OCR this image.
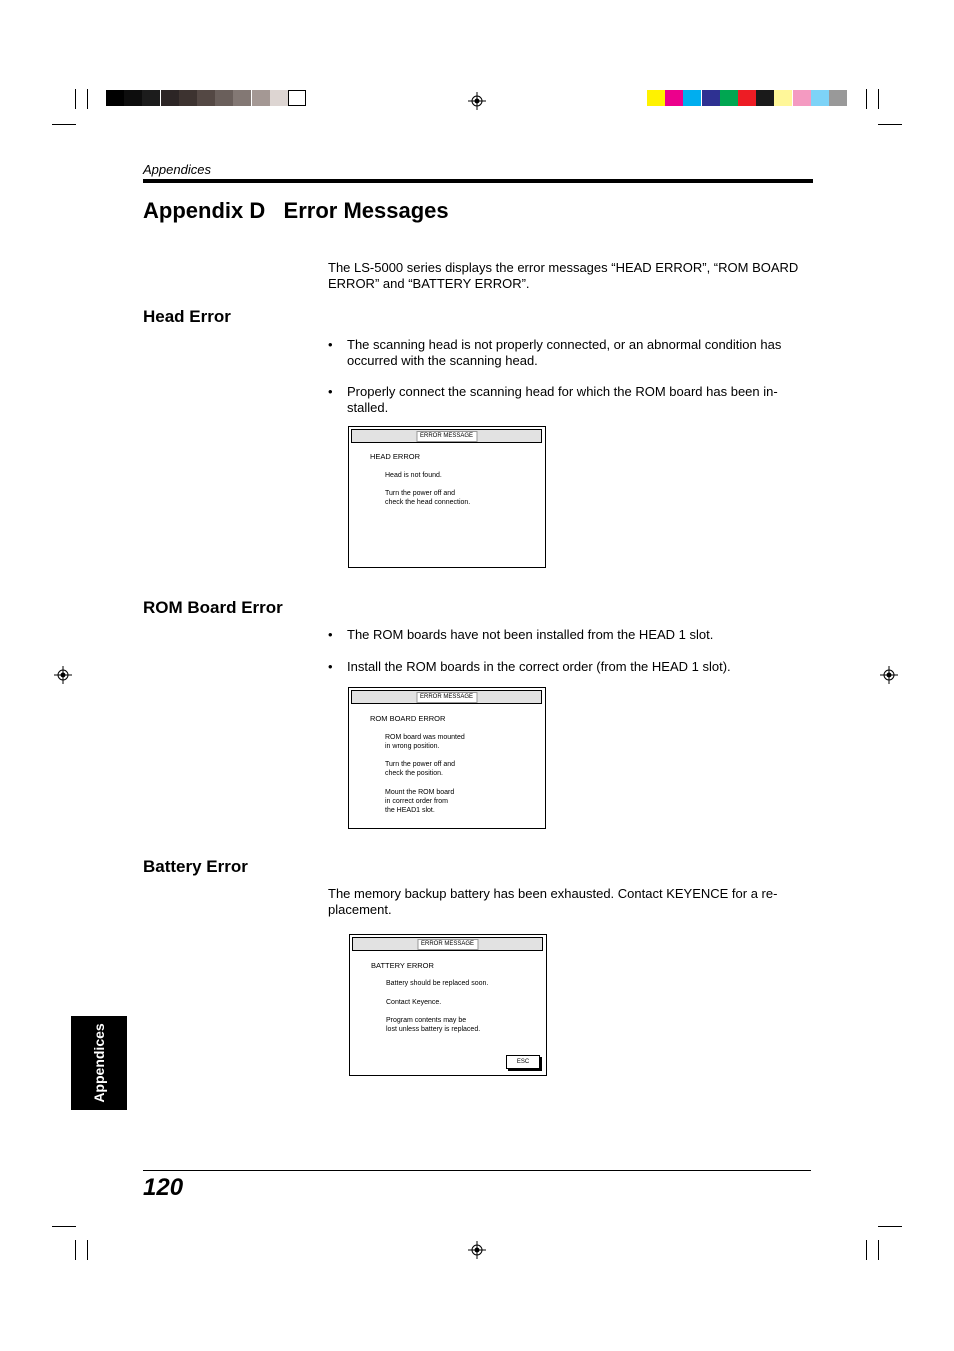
Appendices
Appendix D   Error Messages
The LS-5000 series displays the error messages “HEAD ERROR”, “ROM BOARD ERROR” and “BATTERY ERROR”.
Head Error
•	The scanning head is not properly connected, or an abnormal condition has occurred with the scanning head.
•	Properly connect the scanning head for which the ROM board has been in-stalled.
ERROR MESSAGE
HEAD ERROR
Head is not found.
Turn the power off and
check the head connection.
ROM Board Error
•	The ROM boards have not been installed from the HEAD 1 slot.
•	Install the ROM boards in the correct order (from the HEAD 1 slot).
ERROR MESSAGE
ROM BOARD ERROR
ROM board was mounted
in wrong position.
Turn the power off and
check the position.
Mount the ROM board
in correct order from
the HEAD1 slot.
Battery Error
The memory backup battery has been exhausted. Contact KEYENCE for a re-placement.
ERROR MESSAGE
BATTERY ERROR
Battery should be replaced soon.
Contact Keyence.
Program contents may be
lost unless battery is replaced.
ESC
Appendices
120
